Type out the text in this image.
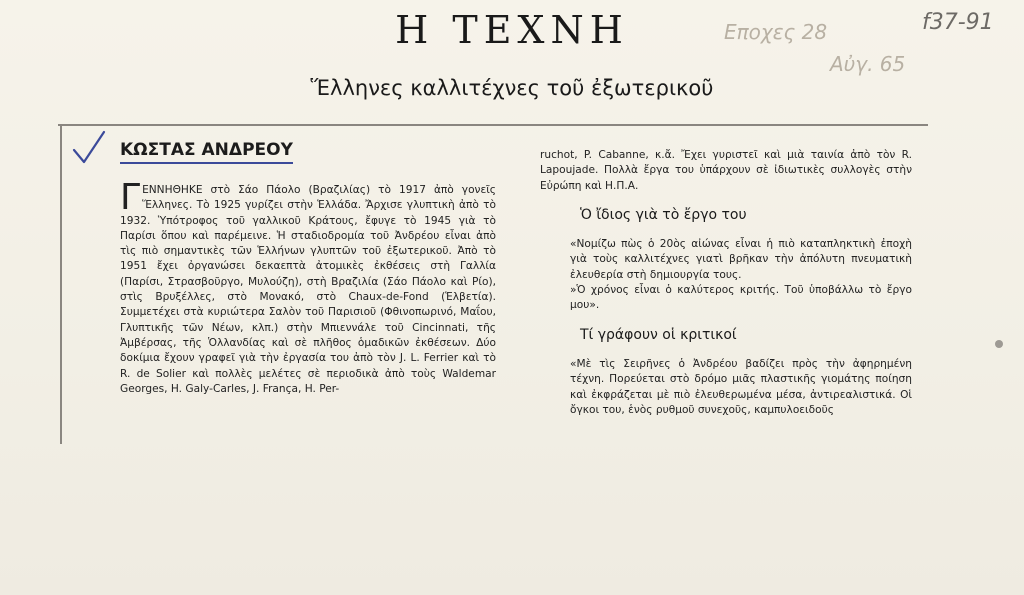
Η ΤΕΧΝΗ
Ἕλληνες καλλιτέχνες τοῦ ἐξωτερικοῦ
Εποχες 28
Αὐγ. 65
f37-91
ΚΩΣΤΑΣ ΑΝΔΡΕΟΥ
ΓΕΝΝΗΘΗΚΕ στὸ Σάο Πάολο (Βραζιλίας) τὸ 1917 ἀπὸ γονεῖς Ἕλληνες. Τὸ 1925 γυρίζει στὴν Ἑλλάδα. Ἄρχισε γλυπτικὴ ἀπὸ τὸ 1932. Ὑπότροφος τοῦ γαλλικοῦ Κράτους, ἔφυγε τὸ 1945 γιὰ τὸ Παρίσι ὅπου καὶ παρέμεινε. Ἡ σταδιοδρομία τοῦ Ἀνδρέου εἶναι ἀπὸ τὶς πιὸ σημαντικὲς τῶν Ἑλλήνων γλυπτῶν τοῦ ἐξωτερικοῦ. Ἀπὸ τὸ 1951 ἔχει ὀργανώσει δεκαεπτὰ ἀτομικὲς ἐκθέσεις στὴ Γαλλία (Παρίσι, Στρασβοῦργο, Μυλούζη), στὴ Βραζιλία (Σάο Πάολο καὶ Ρίο), στὶς Βρυξέλλες, στὸ Μονακό, στὸ Chaux-de-Fond (Ἑλβετία). Συμμετέχει στὰ κυριώτερα Σαλὸν τοῦ Παρισιοῦ (Φθινοπωρινό, Μαΐου, Γλυπτικῆς τῶν Νέων, κλπ.) στὴν Μπιεννάλε τοῦ Cincinnati, τῆς Ἀμβέρσας, τῆς Ὁλλανδίας καὶ σὲ πλῆθος ὁμαδικῶν ἐκθέσεων. Δύο δοκίμια ἔχουν γραφεῖ γιὰ τὴν ἐργασία του ἀπὸ τὸν J. L. Ferrier καὶ τὸ R. de Solier καὶ πολλὲς μελέτες σὲ περιοδικὰ ἀπὸ τοὺς Waldemar Georges, H. Galy-Carles, J. França, H. Per-

ruchot, P. Cabanne, κ.ἄ. Ἔχει γυριστεῖ καὶ μιὰ ταινία ἀπὸ τὸν R. Lapoujade. Πολλὰ ἔργα του ὑπάρχουν σὲ ἰδιωτικὲς συλλογὲς στὴν Εὐρώπη καὶ Η.Π.Α.

Ὁ ἴδιος γιὰ τὸ ἔργο του

«Νομίζω πὼς ὁ 20ὸς αἰώνας εἶναι ἡ πιὸ καταπληκτικὴ ἐποχὴ γιὰ τοὺς καλλιτέχνες γιατὶ βρῆκαν τὴν ἀπόλυτη πνευματικὴ ἐλευθερία στὴ δημιουργία τους.

»Ὁ χρόνος εἶναι ὁ καλύτερος κριτής. Τοῦ ὑποβάλλω τὸ ἔργο μου».

Τί γράφουν οἱ κριτικοί

«Μὲ τὶς Σειρῆνες ὁ Ἀνδρέου βαδίζει πρὸς τὴν ἀφηρημένη τέχνη. Πορεύεται στὸ δρόμο μιᾶς πλαστικῆς γιομάτης ποίηση καὶ ἐκφράζεται μὲ πιὸ ἐλευθερωμένα μέσα, ἀντιρεαλιστικά. Οἱ ὄγκοι του, ἑνὸς ρυθμοῦ συνεχοῦς, καμπυλοειδοῦς
